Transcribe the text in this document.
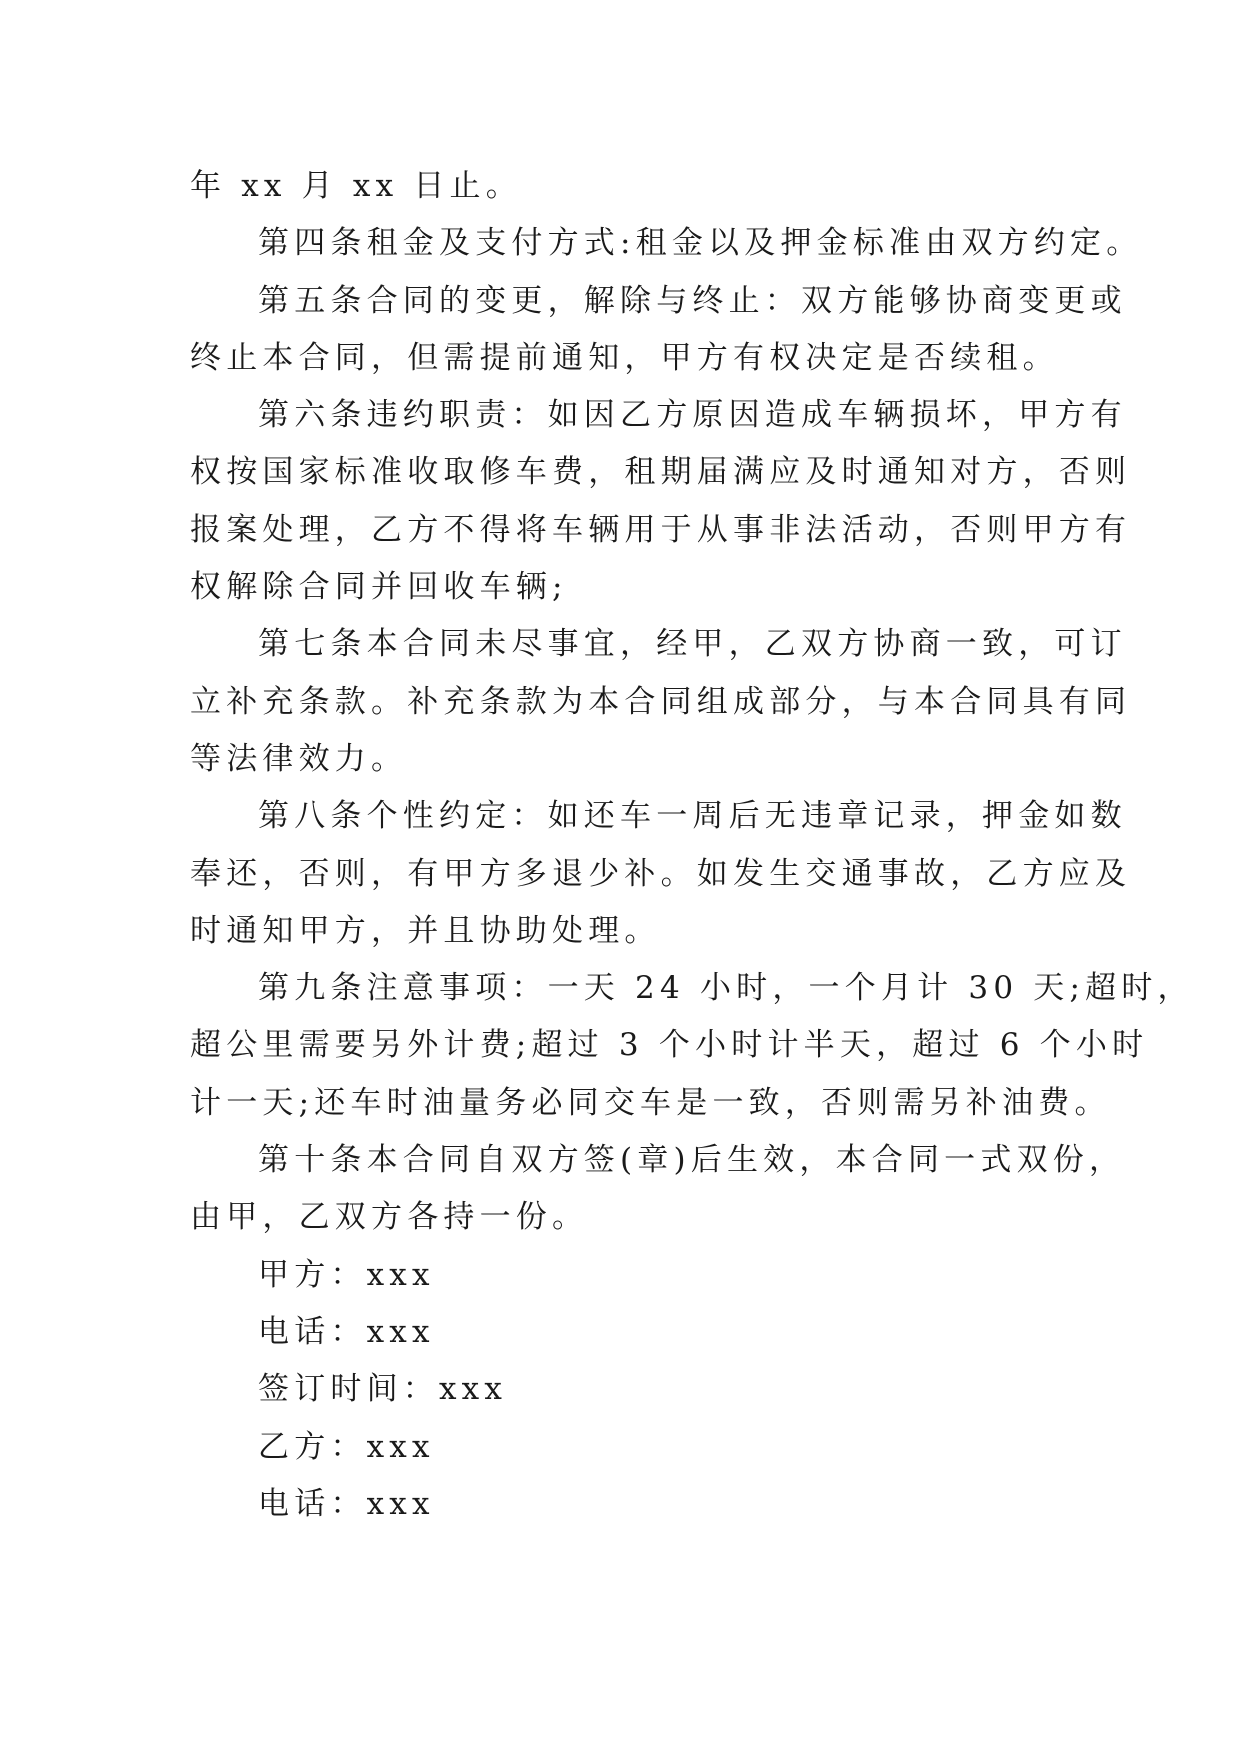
年 xx 月 xx 日止。
第四条租金及支付方式:租金以及押金标准由双方约定。
第五条合同的变更，解除与终止：双方能够协商变更或
终止本合同，但需提前通知，甲方有权决定是否续租。
第六条违约职责：如因乙方原因造成车辆损坏，甲方有
权按国家标准收取修车费，租期届满应及时通知对方，否则
报案处理，乙方不得将车辆用于从事非法活动，否则甲方有
权解除合同并回收车辆;
第七条本合同未尽事宜，经甲，乙双方协商一致，可订
立补充条款。补充条款为本合同组成部分，与本合同具有同
等法律效力。
第八条个性约定：如还车一周后无违章记录，押金如数
奉还，否则，有甲方多退少补。如发生交通事故，乙方应及
时通知甲方，并且协助处理。
第九条注意事项：一天 24 小时，一个月计 30 天;超时，
超公里需要另外计费;超过 3 个小时计半天，超过 6 个小时
计一天;还车时油量务必同交车是一致，否则需另补油费。
第十条本合同自双方签(章)后生效，本合同一式双份，
由甲，乙双方各持一份。
甲方：xxx
电话：xxx
签订时间：xxx
乙方：xxx
电话：xxx
